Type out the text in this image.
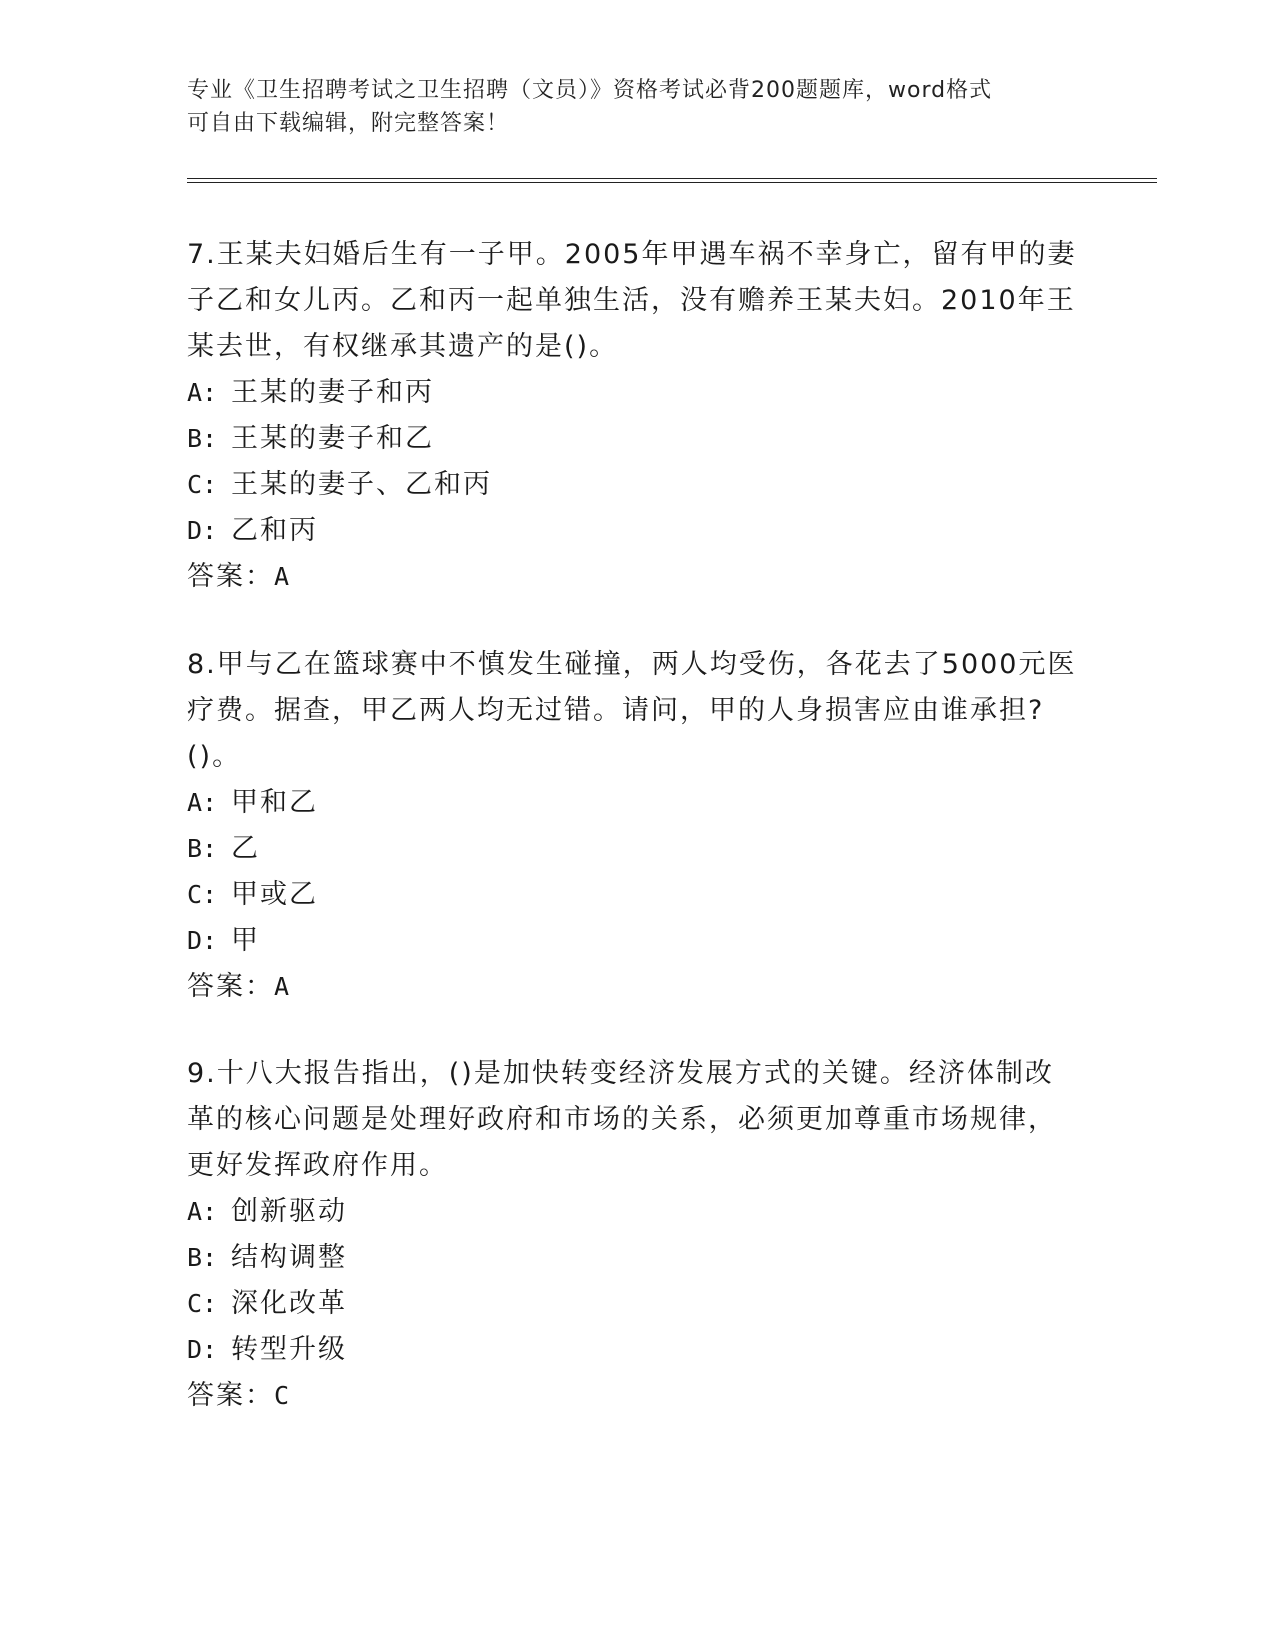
专业《卫生招聘考试之卫生招聘（文员）》资格考试必背200题题库，word格式
可自由下载编辑，附完整答案！
7.王某夫妇婚后生有一子甲。2005年甲遇车祸不幸身亡，留有甲的妻
子乙和女儿丙。乙和丙一起单独生活，没有赡养王某夫妇。2010年王
某去世，有权继承其遗产的是()。
A: 王某的妻子和丙
B: 王某的妻子和乙
C: 王某的妻子、乙和丙
D: 乙和丙
答案：A
8.甲与乙在篮球赛中不慎发生碰撞，两人均受伤，各花去了5000元医
疗费。据查，甲乙两人均无过错。请问，甲的人身损害应由谁承担?
()。
A: 甲和乙
B: 乙
C: 甲或乙
D: 甲
答案：A
9.十八大报告指出，()是加快转变经济发展方式的关键。经济体制改
革的核心问题是处理好政府和市场的关系，必须更加尊重市场规律，
更好发挥政府作用。
A: 创新驱动
B: 结构调整
C: 深化改革
D: 转型升级
答案：C
